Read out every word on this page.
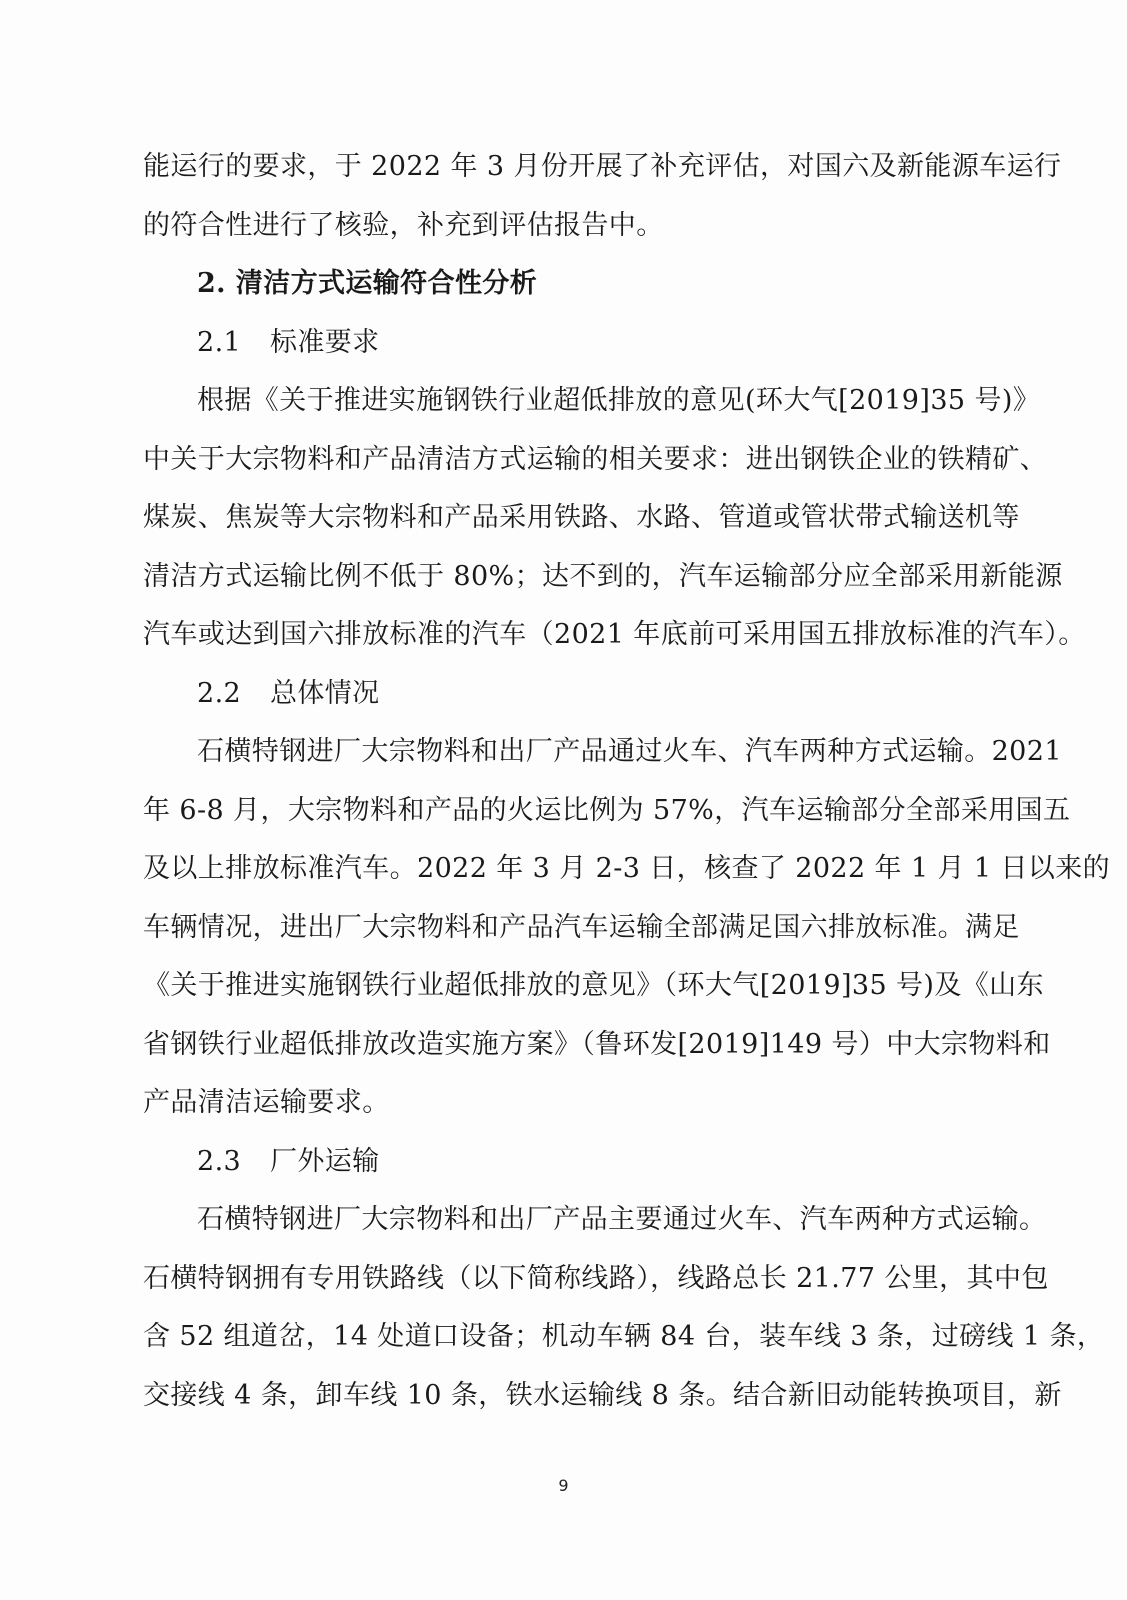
能运行的要求，于 2022 年 3 月份开展了补充评估，对国六及新能源车运行
的符合性进行了核验，补充到评估报告中。
2. 清洁方式运输符合性分析
2.1 标准要求
根据《关于推进实施钢铁行业超低排放的意见(环大气[2019]35 号)》
中关于大宗物料和产品清洁方式运输的相关要求：进出钢铁企业的铁精矿、
煤炭、焦炭等大宗物料和产品采用铁路、水路、管道或管状带式输送机等
清洁方式运输比例不低于 80%；达不到的，汽车运输部分应全部采用新能源
汽车或达到国六排放标准的汽车（2021 年底前可采用国五排放标准的汽车）。
2.2 总体情况
石横特钢进厂大宗物料和出厂产品通过火车、汽车两种方式运输。2021
年 6-8 月，大宗物料和产品的火运比例为 57%，汽车运输部分全部采用国五
及以上排放标准汽车。2022 年 3 月 2-3 日，核查了 2022 年 1 月 1 日以来的
车辆情况，进出厂大宗物料和产品汽车运输全部满足国六排放标准。满足
《关于推进实施钢铁行业超低排放的意见》（环大气[2019]35 号)及《山东
省钢铁行业超低排放改造实施方案》（鲁环发[2019]149 号）中大宗物料和
产品清洁运输要求。
2.3 厂外运输
石横特钢进厂大宗物料和出厂产品主要通过火车、汽车两种方式运输。
石横特钢拥有专用铁路线（以下简称线路），线路总长 21.77 公里，其中包
含 52 组道岔，14 处道口设备；机动车辆 84 台，装车线 3 条，过磅线 1 条，
交接线 4 条，卸车线 10 条，铁水运输线 8 条。结合新旧动能转换项目，新
9
